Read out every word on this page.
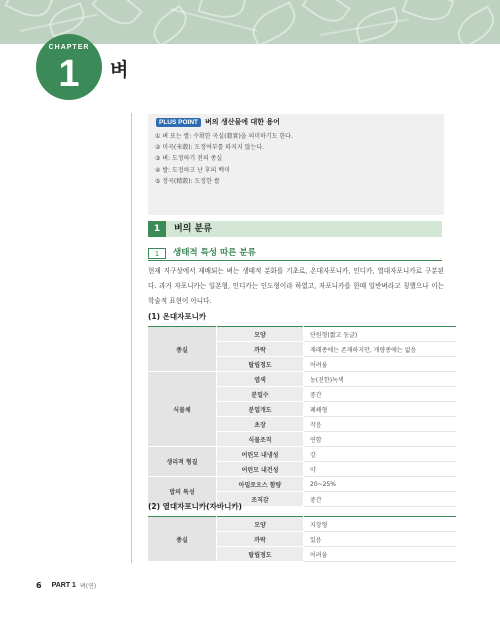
CHAPTER
1	벼
PLUS POINT	벼의 생산물에 대한 용어
① 벼 또는 쌀: 수확한 곡실(穀實)을 의미하기도 한다.
② 미곡(米穀): 도정여부를 따지지 않는다.
③ 벼: 도정하기 전의 종실
④ 쌀: 도정하고 난 후의 백미
⑤ 정곡(精穀): 도정한 쌀
1	벼의 분류
1	생태적 특성 따른 분류
현재 지구상에서 재배되는 벼는 생태적 분화를 기초로, 온대자포니카, 인디카, 열대자포니카로 구분된다. 과거 자포니카는 일본형, 인디카는 인도형이라 하였고, 자포니카를 한때 일반벼라고 칭했으나 이는 학술적 표현이 아니다.
(1) 온대자포니카
종실	모양	단원형(짧고 둥글)
	까락	재래종에는 존재하지만, 개량종에는 없음
	탈립정도	어려움
식물체	엽색	농(진한)녹색
	분얼수	중간
	분얼개도	폐쇄형
	초장	작음
	식물조직	연함
생리적 형질	어린모 내냉성	강
	어린모 내건성	약
밥의 특성	아밀로오스 함량	20~25%
	조직감	중간
(2) 열대자포니카(자바니카)
종실	모양	지장형
	까락	있음
	탈립정도	어려움
6 PART 1 벼(연)
